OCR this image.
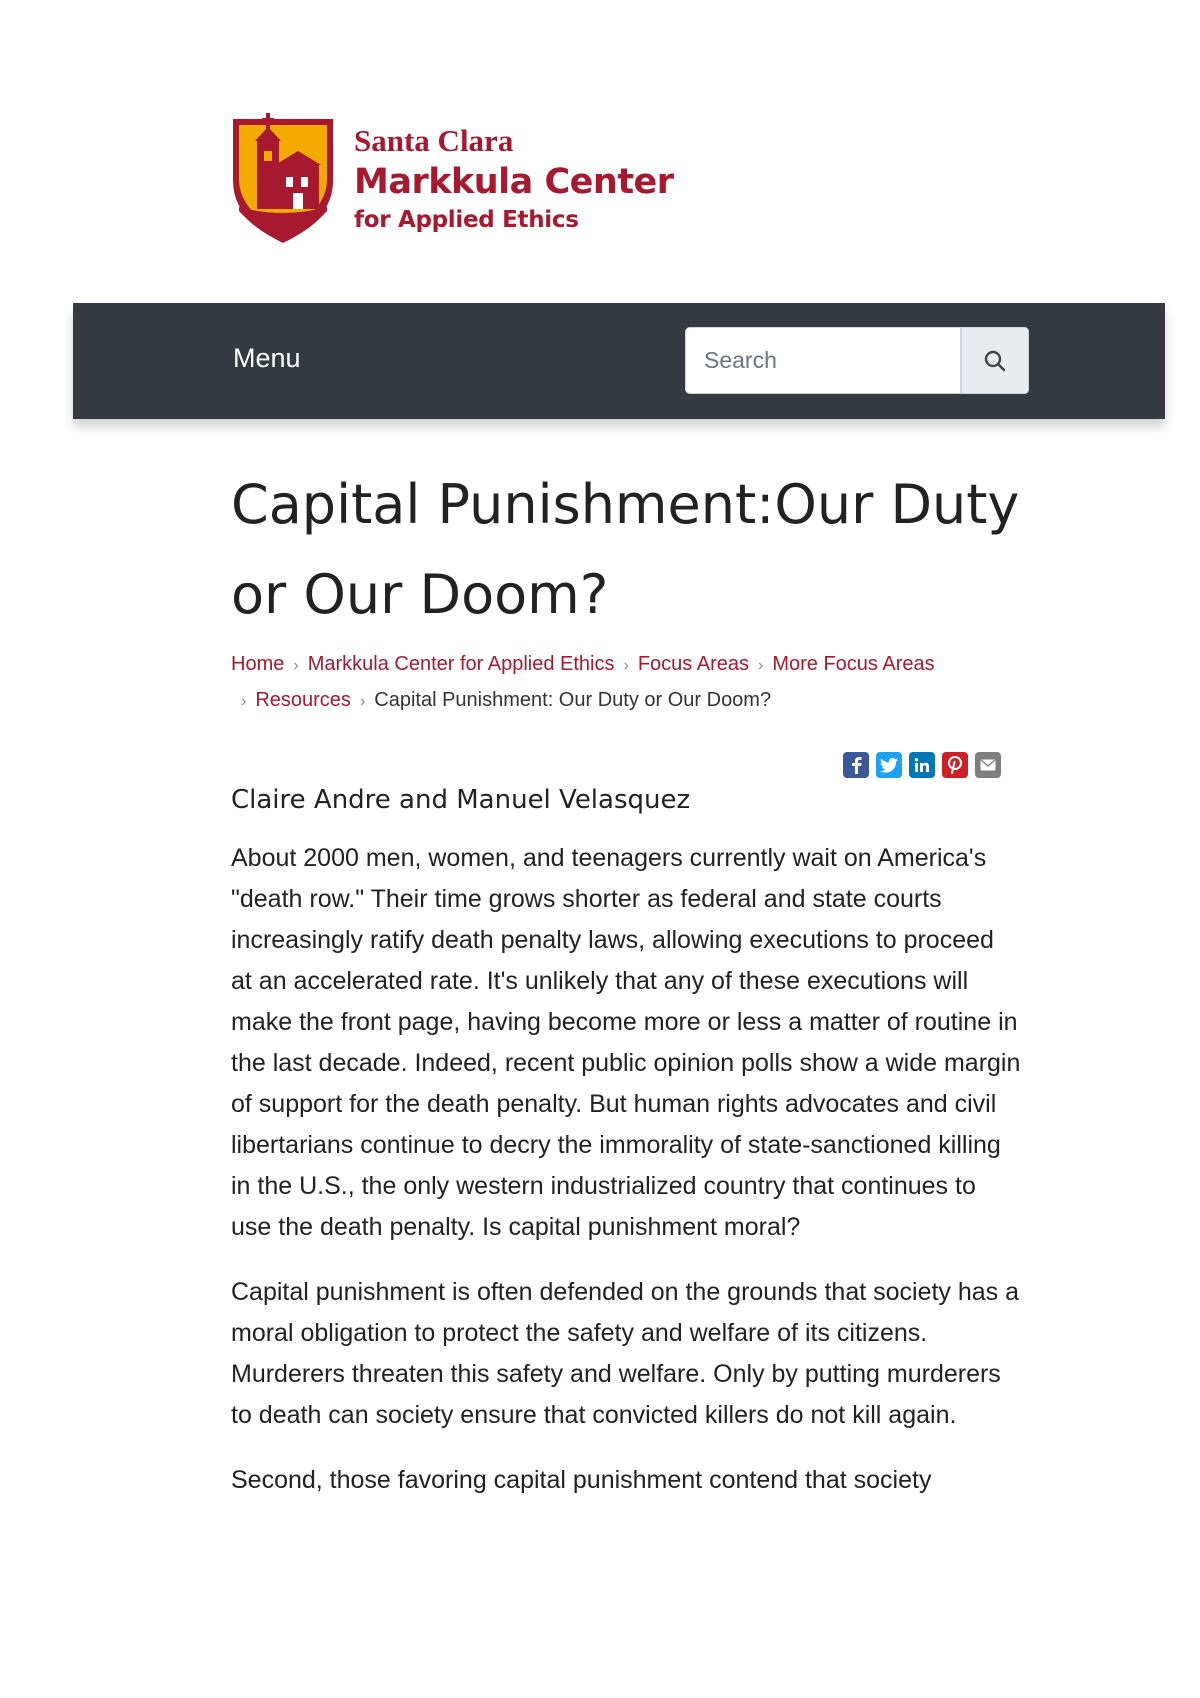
Santa Clara
Markkula Center
for Applied Ethics
Menu
Search
Capital Punishment:Our Duty or Our Doom?
Home › Markkula Center for Applied Ethics › Focus Areas › More Focus Areas
› Resources › Capital Punishment: Our Duty or Our Doom?
Claire Andre and Manuel Velasquez

About 2000 men, women, and teenagers currently wait on America's "death row." Their time grows shorter as federal and state courts increasingly ratify death penalty laws, allowing executions to proceed at an accelerated rate. It's unlikely that any of these executions will make the front page, having become more or less a matter of routine in the last decade. Indeed, recent public opinion polls show a wide margin of support for the death penalty. But human rights advocates and civil libertarians continue to decry the immorality of state-sanctioned killing in the U.S., the only western industrialized country that continues to use the death penalty. Is capital punishment moral?

Capital punishment is often defended on the grounds that society has a moral obligation to protect the safety and welfare of its citizens. Murderers threaten this safety and welfare. Only by putting murderers to death can society ensure that convicted killers do not kill again.

Second, those favoring capital punishment contend that society
